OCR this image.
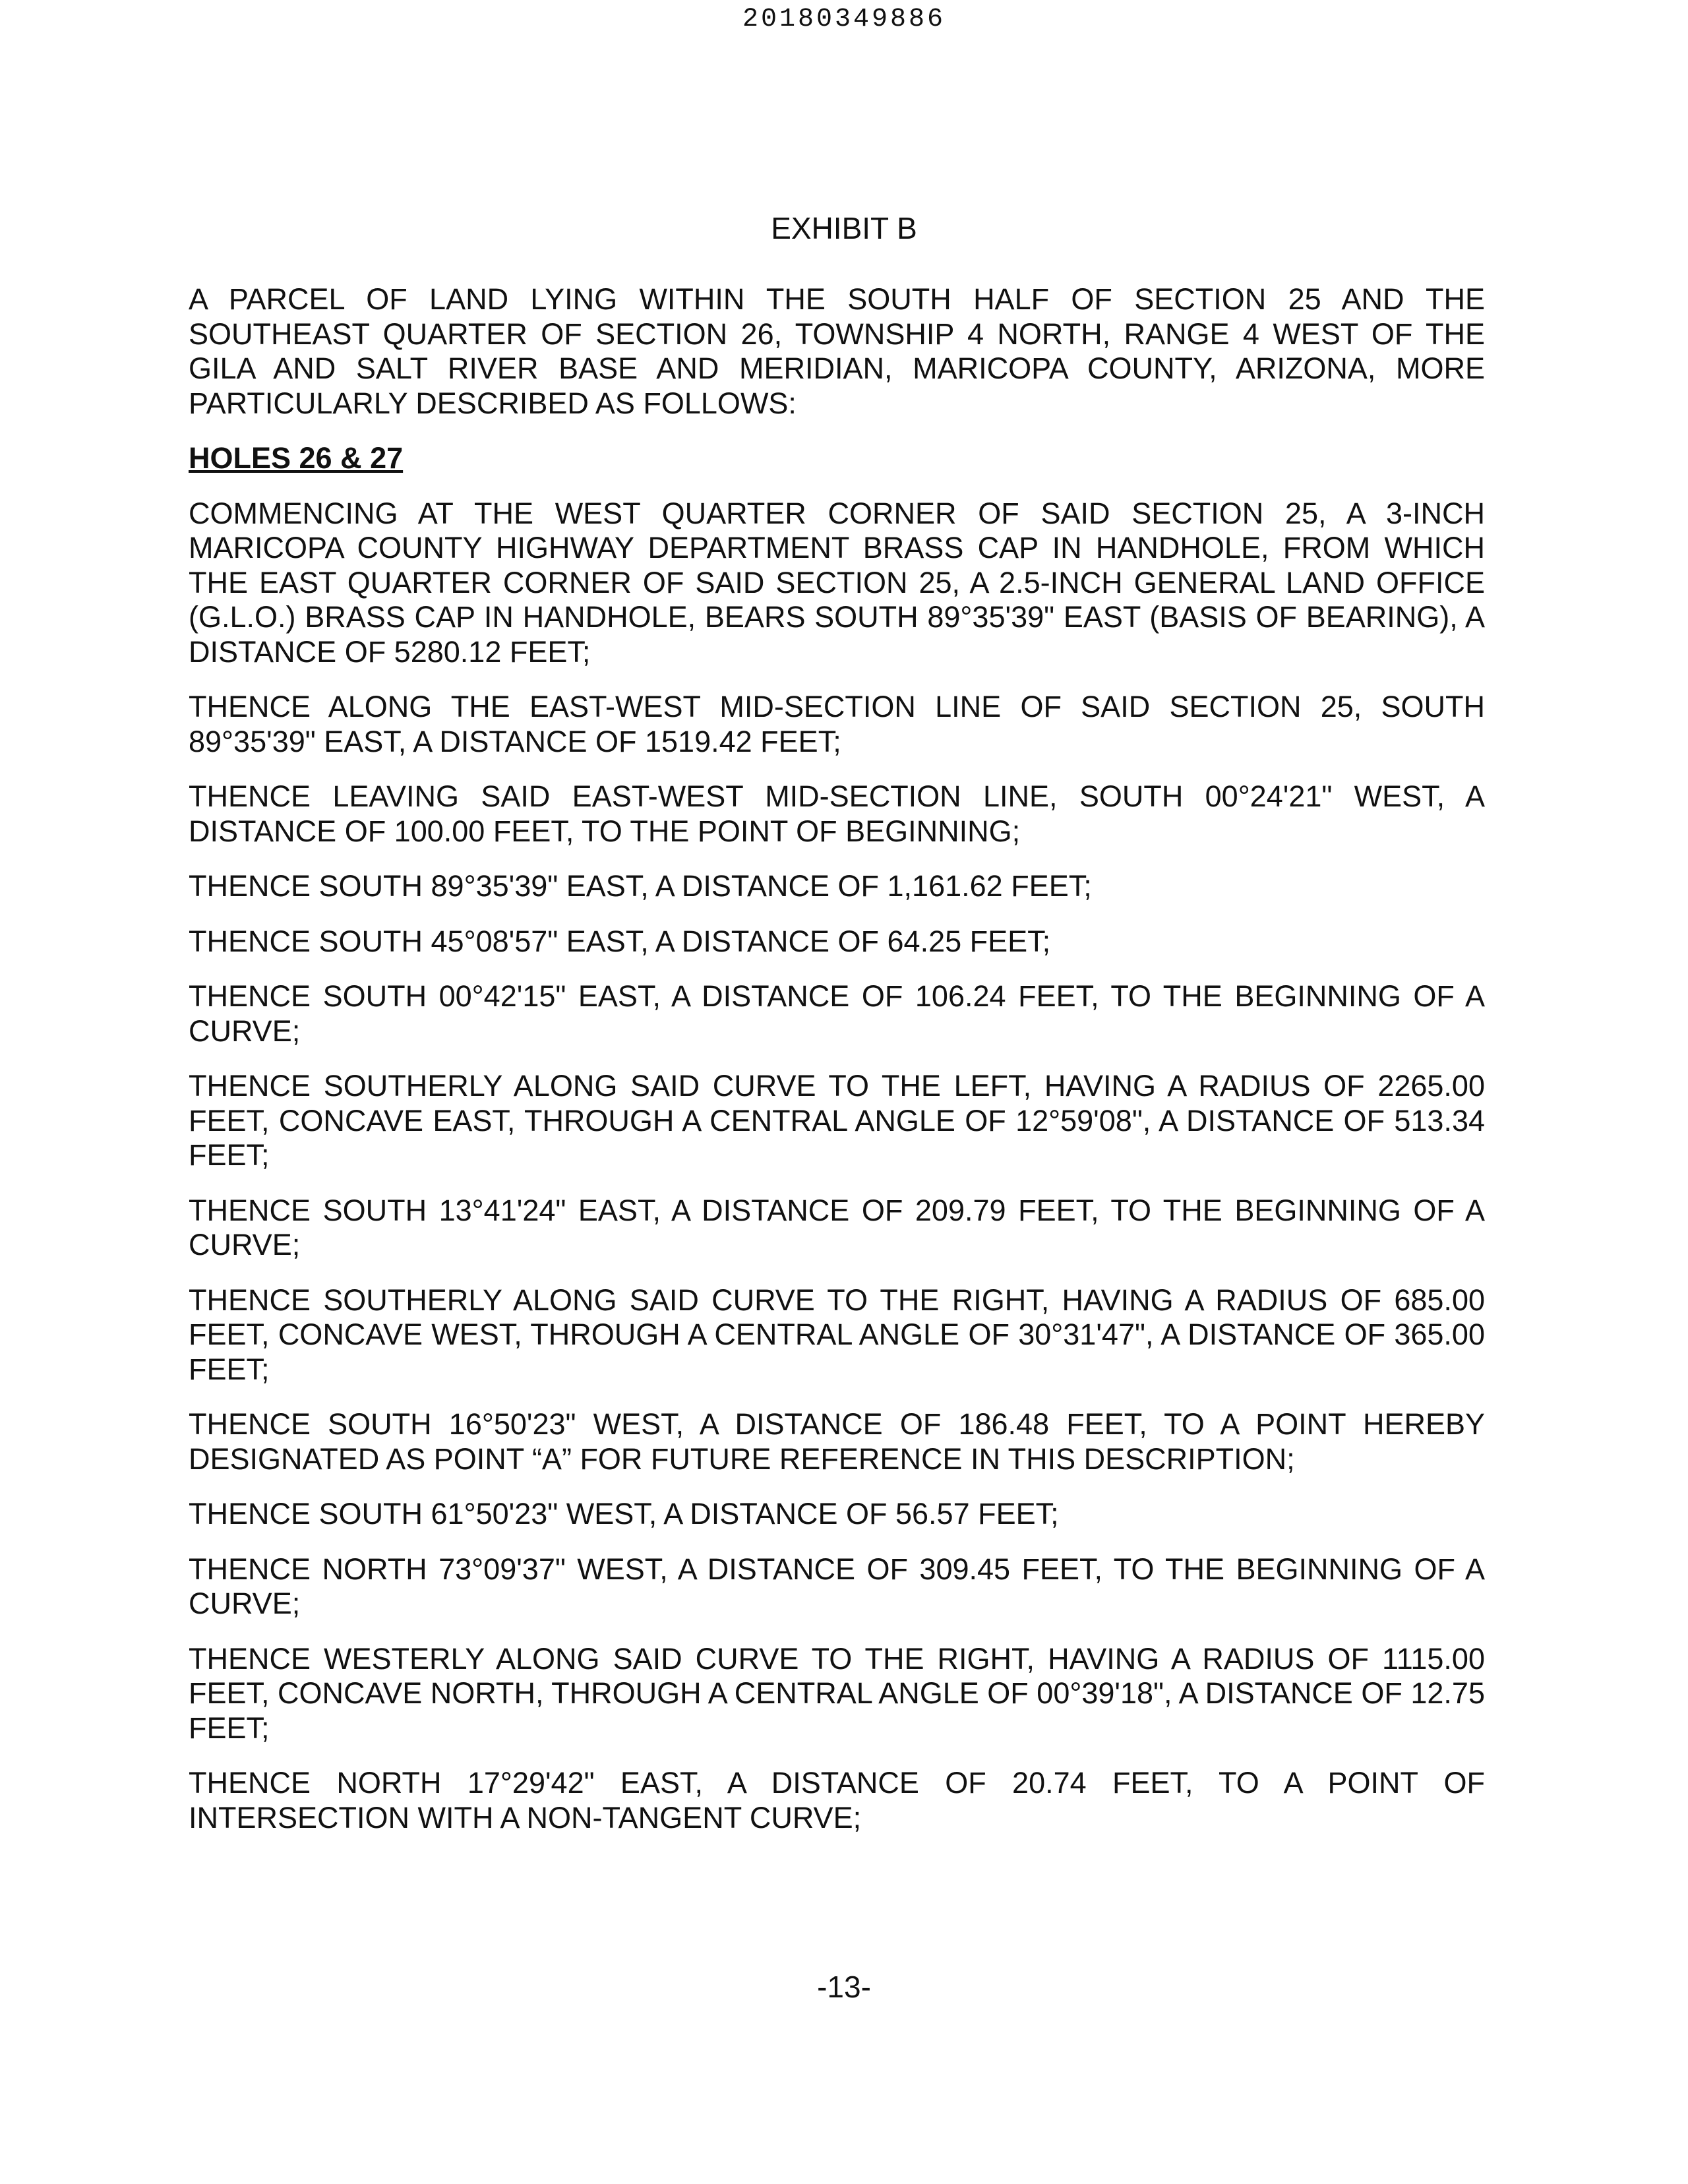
20180349886
EXHIBIT B

A PARCEL OF LAND LYING WITHIN THE SOUTH HALF OF SECTION 25 AND THE SOUTHEAST QUARTER OF SECTION 26, TOWNSHIP 4 NORTH, RANGE 4 WEST OF THE GILA AND SALT RIVER BASE AND MERIDIAN, MARICOPA COUNTY, ARIZONA, MORE PARTICULARLY DESCRIBED AS FOLLOWS:

HOLES 26 & 27

COMMENCING AT THE WEST QUARTER CORNER OF SAID SECTION 25, A 3-INCH MARICOPA COUNTY HIGHWAY DEPARTMENT BRASS CAP IN HANDHOLE, FROM WHICH THE EAST QUARTER CORNER OF SAID SECTION 25, A 2.5-INCH GENERAL LAND OFFICE (G.L.O.) BRASS CAP IN HANDHOLE, BEARS SOUTH 89°35'39" EAST (BASIS OF BEARING), A DISTANCE OF 5280.12 FEET;

THENCE ALONG THE EAST-WEST MID-SECTION LINE OF SAID SECTION 25, SOUTH 89°35'39" EAST, A DISTANCE OF 1519.42 FEET;

THENCE LEAVING SAID EAST-WEST MID-SECTION LINE, SOUTH 00°24'21" WEST, A DISTANCE OF 100.00 FEET, TO THE POINT OF BEGINNING;

THENCE SOUTH 89°35'39" EAST, A DISTANCE OF 1,161.62 FEET;

THENCE SOUTH 45°08'57" EAST, A DISTANCE OF 64.25 FEET;

THENCE SOUTH 00°42'15" EAST, A DISTANCE OF 106.24 FEET, TO THE BEGINNING OF A CURVE;

THENCE SOUTHERLY ALONG SAID CURVE TO THE LEFT, HAVING A RADIUS OF 2265.00 FEET, CONCAVE EAST, THROUGH A CENTRAL ANGLE OF 12°59'08", A DISTANCE OF 513.34 FEET;

THENCE SOUTH 13°41'24" EAST, A DISTANCE OF 209.79 FEET, TO THE BEGINNING OF A CURVE;

THENCE SOUTHERLY ALONG SAID CURVE TO THE RIGHT, HAVING A RADIUS OF 685.00 FEET, CONCAVE WEST, THROUGH A CENTRAL ANGLE OF 30°31'47", A DISTANCE OF 365.00 FEET;

THENCE SOUTH 16°50'23" WEST, A DISTANCE OF 186.48 FEET, TO A POINT HEREBY DESIGNATED AS POINT “A” FOR FUTURE REFERENCE IN THIS DESCRIPTION;

THENCE SOUTH 61°50'23" WEST, A DISTANCE OF 56.57 FEET;

THENCE NORTH 73°09'37" WEST, A DISTANCE OF 309.45 FEET, TO THE BEGINNING OF A CURVE;

THENCE WESTERLY ALONG SAID CURVE TO THE RIGHT, HAVING A RADIUS OF 1115.00 FEET, CONCAVE NORTH, THROUGH A CENTRAL ANGLE OF 00°39'18", A DISTANCE OF 12.75 FEET;

THENCE NORTH 17°29'42" EAST, A DISTANCE OF 20.74 FEET, TO A POINT OF INTERSECTION WITH A NON-TANGENT CURVE;

-13-
